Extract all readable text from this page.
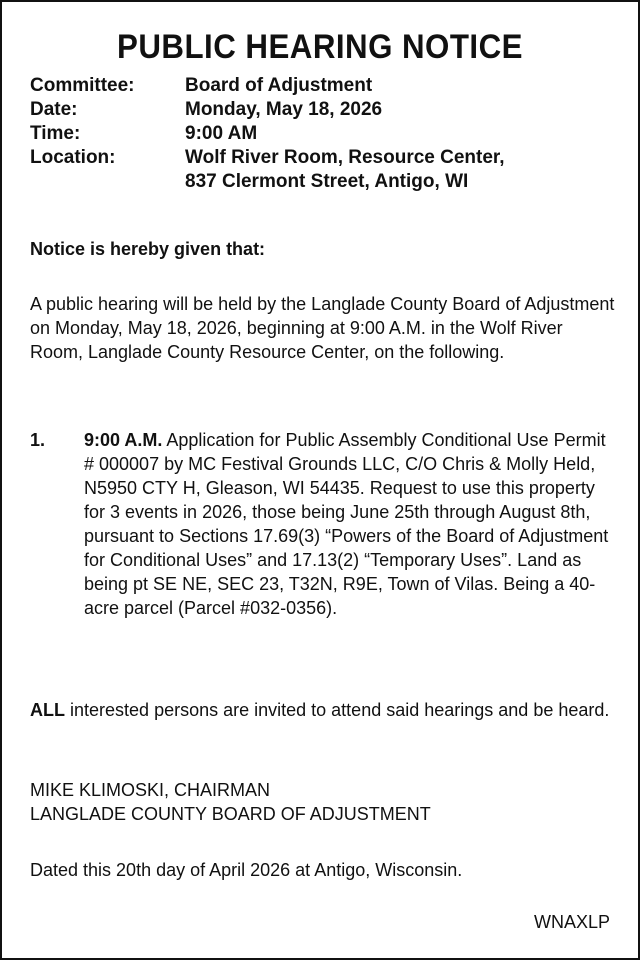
PUBLIC HEARING NOTICE
Committee:	Board of Adjustment
Date:	Monday, May 18, 2026
Time:	9:00 AM
Location:	Wolf River Room, Resource Center,
837 Clermont Street, Antigo, WI
Notice is hereby given that:
A public hearing will be held by the Langlade County Board of Adjustment on Monday, May 18, 2026, beginning at 9:00 A.M. in the Wolf River Room, Langlade County Resource Center, on the following.
1.	9:00 A.M. Application for Public Assembly Conditional Use Permit # 000007 by MC Festival Grounds LLC, C/O Chris & Molly Held, N5950 CTY H, Gleason, WI 54435. Request to use this property for 3 events in 2026, those being June 25th through August 8th, pursuant to Sections 17.69(3) “Powers of the Board of Adjustment for Conditional Uses” and 17.13(2) “Temporary Uses”. Land as being pt SE NE, SEC 23, T32N, R9E, Town of Vilas. Being a 40-acre parcel (Parcel #032-0356).
ALL interested persons are invited to attend said hearings and be heard.
MIKE KLIMOSKI, CHAIRMAN
LANGLADE COUNTY BOARD OF ADJUSTMENT
Dated this 20th day of April 2026 at Antigo, Wisconsin.
WNAXLP
